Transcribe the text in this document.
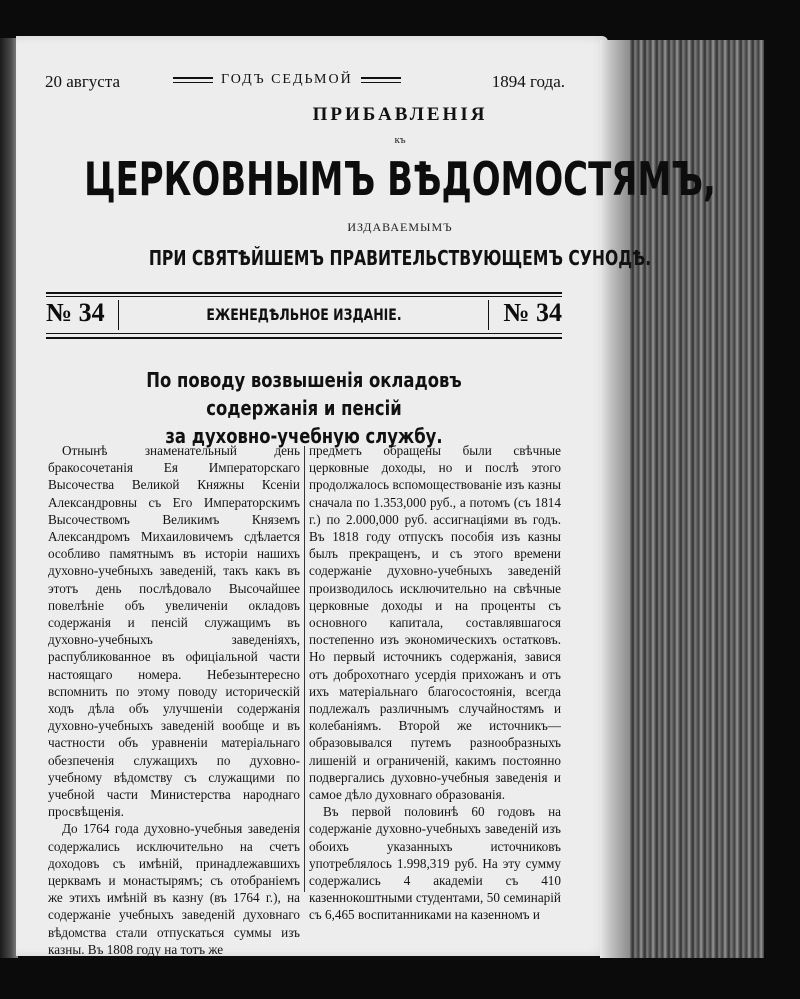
20 августа	ГОДЪ СЕДЬМОЙ	1894 года.
ПРИБАВЛЕНІЯ
къ
ЦЕРКОВНЫМЪ ВѢДОМОСТЯМЪ,
ИЗДАВАЕМЫМЪ
ПРИ СВЯТѢЙШЕМЪ ПРАВИТЕЛЬСТВУЮЩЕМЪ СУНОДѢ.
№ 34	ЕЖЕНЕДѢЛЬНОЕ ИЗДАНІЕ.	№ 34
По поводу возвышенія окладовъ содержанія и пенсій
за духовно-учебную службу.

Отнынѣ знаменательный день бракосочетанія Ея Императорскаго Высочества Великой Княжны Ксеніи Александровны съ Его Императорскимъ Высочествомъ Великимъ Княземъ Александромъ Михаиловичемъ сдѣлается особливо памятнымъ въ исторіи нашихъ духовно-учебныхъ заведеній, такъ какъ въ этотъ день послѣдовало Высочайшее повелѣніе объ увеличеніи окладовъ содержанія и пенсій служащимъ въ духовно-учебныхъ заведеніяхъ, распубликованное въ офиціальной части настоящаго номера. Небезынтересно вспомнить по этому поводу историческій ходъ дѣла объ улучшеніи содержанія духовно-учебныхъ заведеній вообще и въ частности объ уравненіи матеріальнаго обезпеченія служащихъ по духовно-учебному вѣдомству съ служащими по учебной части Министерства народнаго просвѣщенія.

До 1764 года духовно-учебныя заведенія содержались исключительно на счетъ доходовъ съ имѣній, принадлежавшихъ церквамъ и монастырямъ; съ отобраніемъ же этихъ имѣній въ казну (въ 1764 г.), на содержаніе учебныхъ заведеній духовнаго вѣдомства стали отпускаться суммы изъ казны. Въ 1808 году на тотъ же

предметъ обращены были свѣчные церковные доходы, но и послѣ этого продолжалось вспомоществованіе изъ казны сначала по 1.353,000 руб., а потомъ (съ 1814 г.) по 2.000,000 руб. ассигнаціями въ годъ. Въ 1818 году отпускъ пособія изъ казны былъ прекращенъ, и съ этого времени содержаніе духовно-учебныхъ заведеній производилось исключительно на свѣчные церковные доходы и на проценты съ основного капитала, составлявшагося постепенно изъ экономическихъ остатковъ. Но первый источникъ содержанія, завися отъ доброхотнаго усердія прихожанъ и отъ ихъ матеріальнаго благосостоянія, всегда подлежалъ различнымъ случайностямъ и колебаніямъ. Второй же источникъ—образовывался путемъ разнообразныхъ лишеній и ограниченій, какимъ постоянно подвергались духовно-учебныя заведенія и самое дѣло духовнаго образованія.

Въ первой половинѣ 60 годовъ на содержаніе духовно-учебныхъ заведеній изъ обоихъ указанныхъ источниковъ употреблялось 1.998,319 руб. На эту сумму содержались 4 академіи съ 410 казеннокоштными студентами, 50 семинарій съ 6,465 воспитанниками на казенномъ и
